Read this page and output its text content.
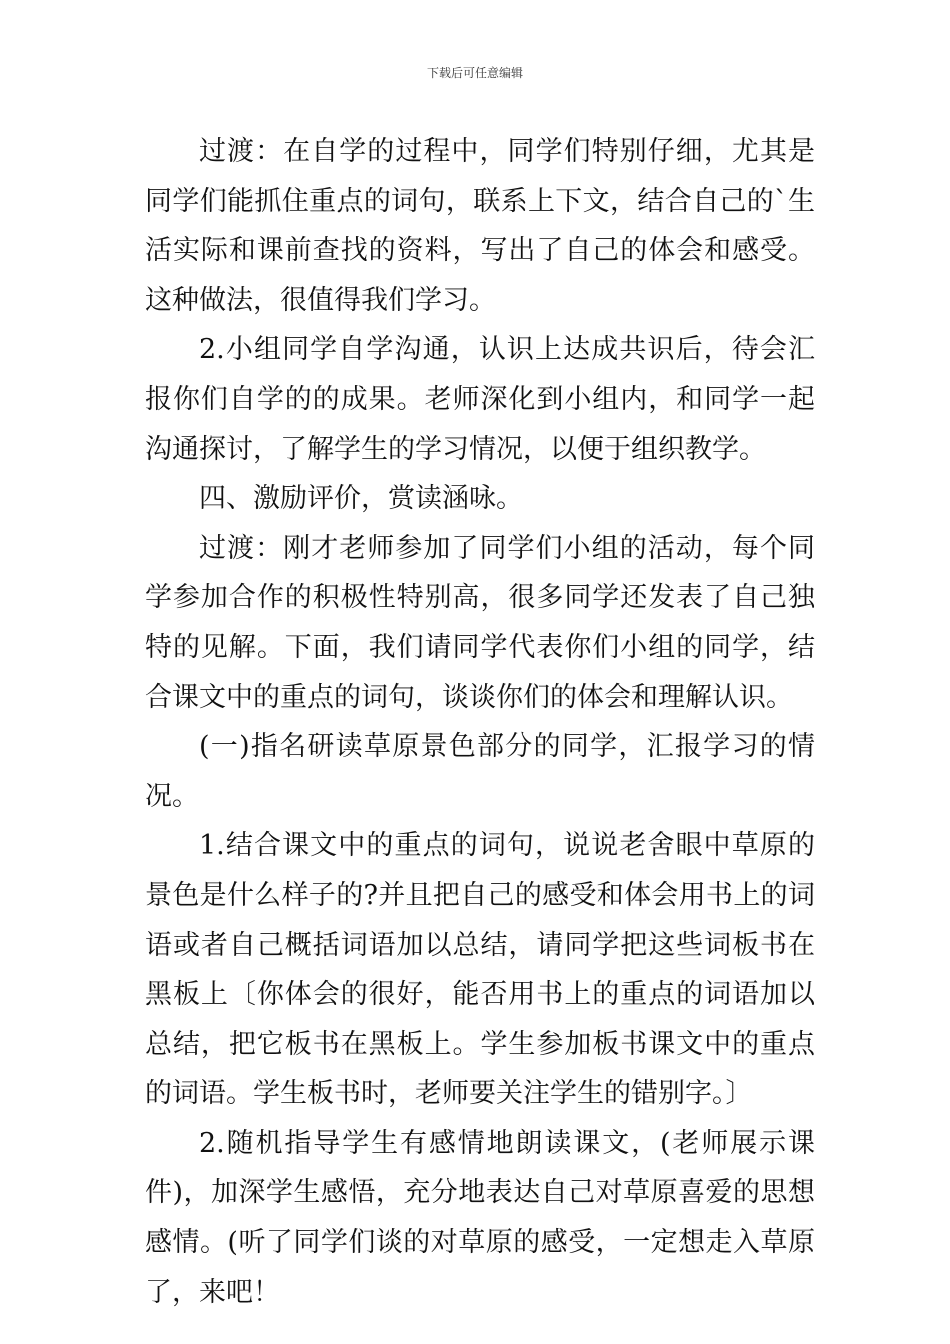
下载后可任意编辑

过渡：在自学的过程中，同学们特别仔细，尤其是同学们能抓住重点的词句，联系上下文，结合自己的`生活实际和课前查找的资料，写出了自己的体会和感受。这种做法，很值得我们学习。

2.小组同学自学沟通，认识上达成共识后，待会汇报你们自学的的成果。老师深化到小组内，和同学一起沟通探讨，了解学生的学习情况，以便于组织教学。

四、激励评价，赏读涵咏。

过渡：刚才老师参加了同学们小组的活动，每个同学参加合作的积极性特别高，很多同学还发表了自己独特的见解。下面，我们请同学代表你们小组的同学，结合课文中的重点的词句，谈谈你们的体会和理解认识。

(一)指名研读草原景色部分的同学，汇报学习的情况。

1.结合课文中的重点的词句，说说老舍眼中草原的景色是什么样子的?并且把自己的感受和体会用书上的词语或者自己概括词语加以总结，请同学把这些词板书在黑板上〔你体会的很好，能否用书上的重点的词语加以总结，把它板书在黑板上。学生参加板书课文中的重点的词语。学生板书时，老师要关注学生的错别字。〕

2.随机指导学生有感情地朗读课文，(老师展示课件)，加深学生感悟，充分地表达自己对草原喜爱的思想感情。(听了同学们谈的对草原的感受，一定想走入草原了，来吧！
